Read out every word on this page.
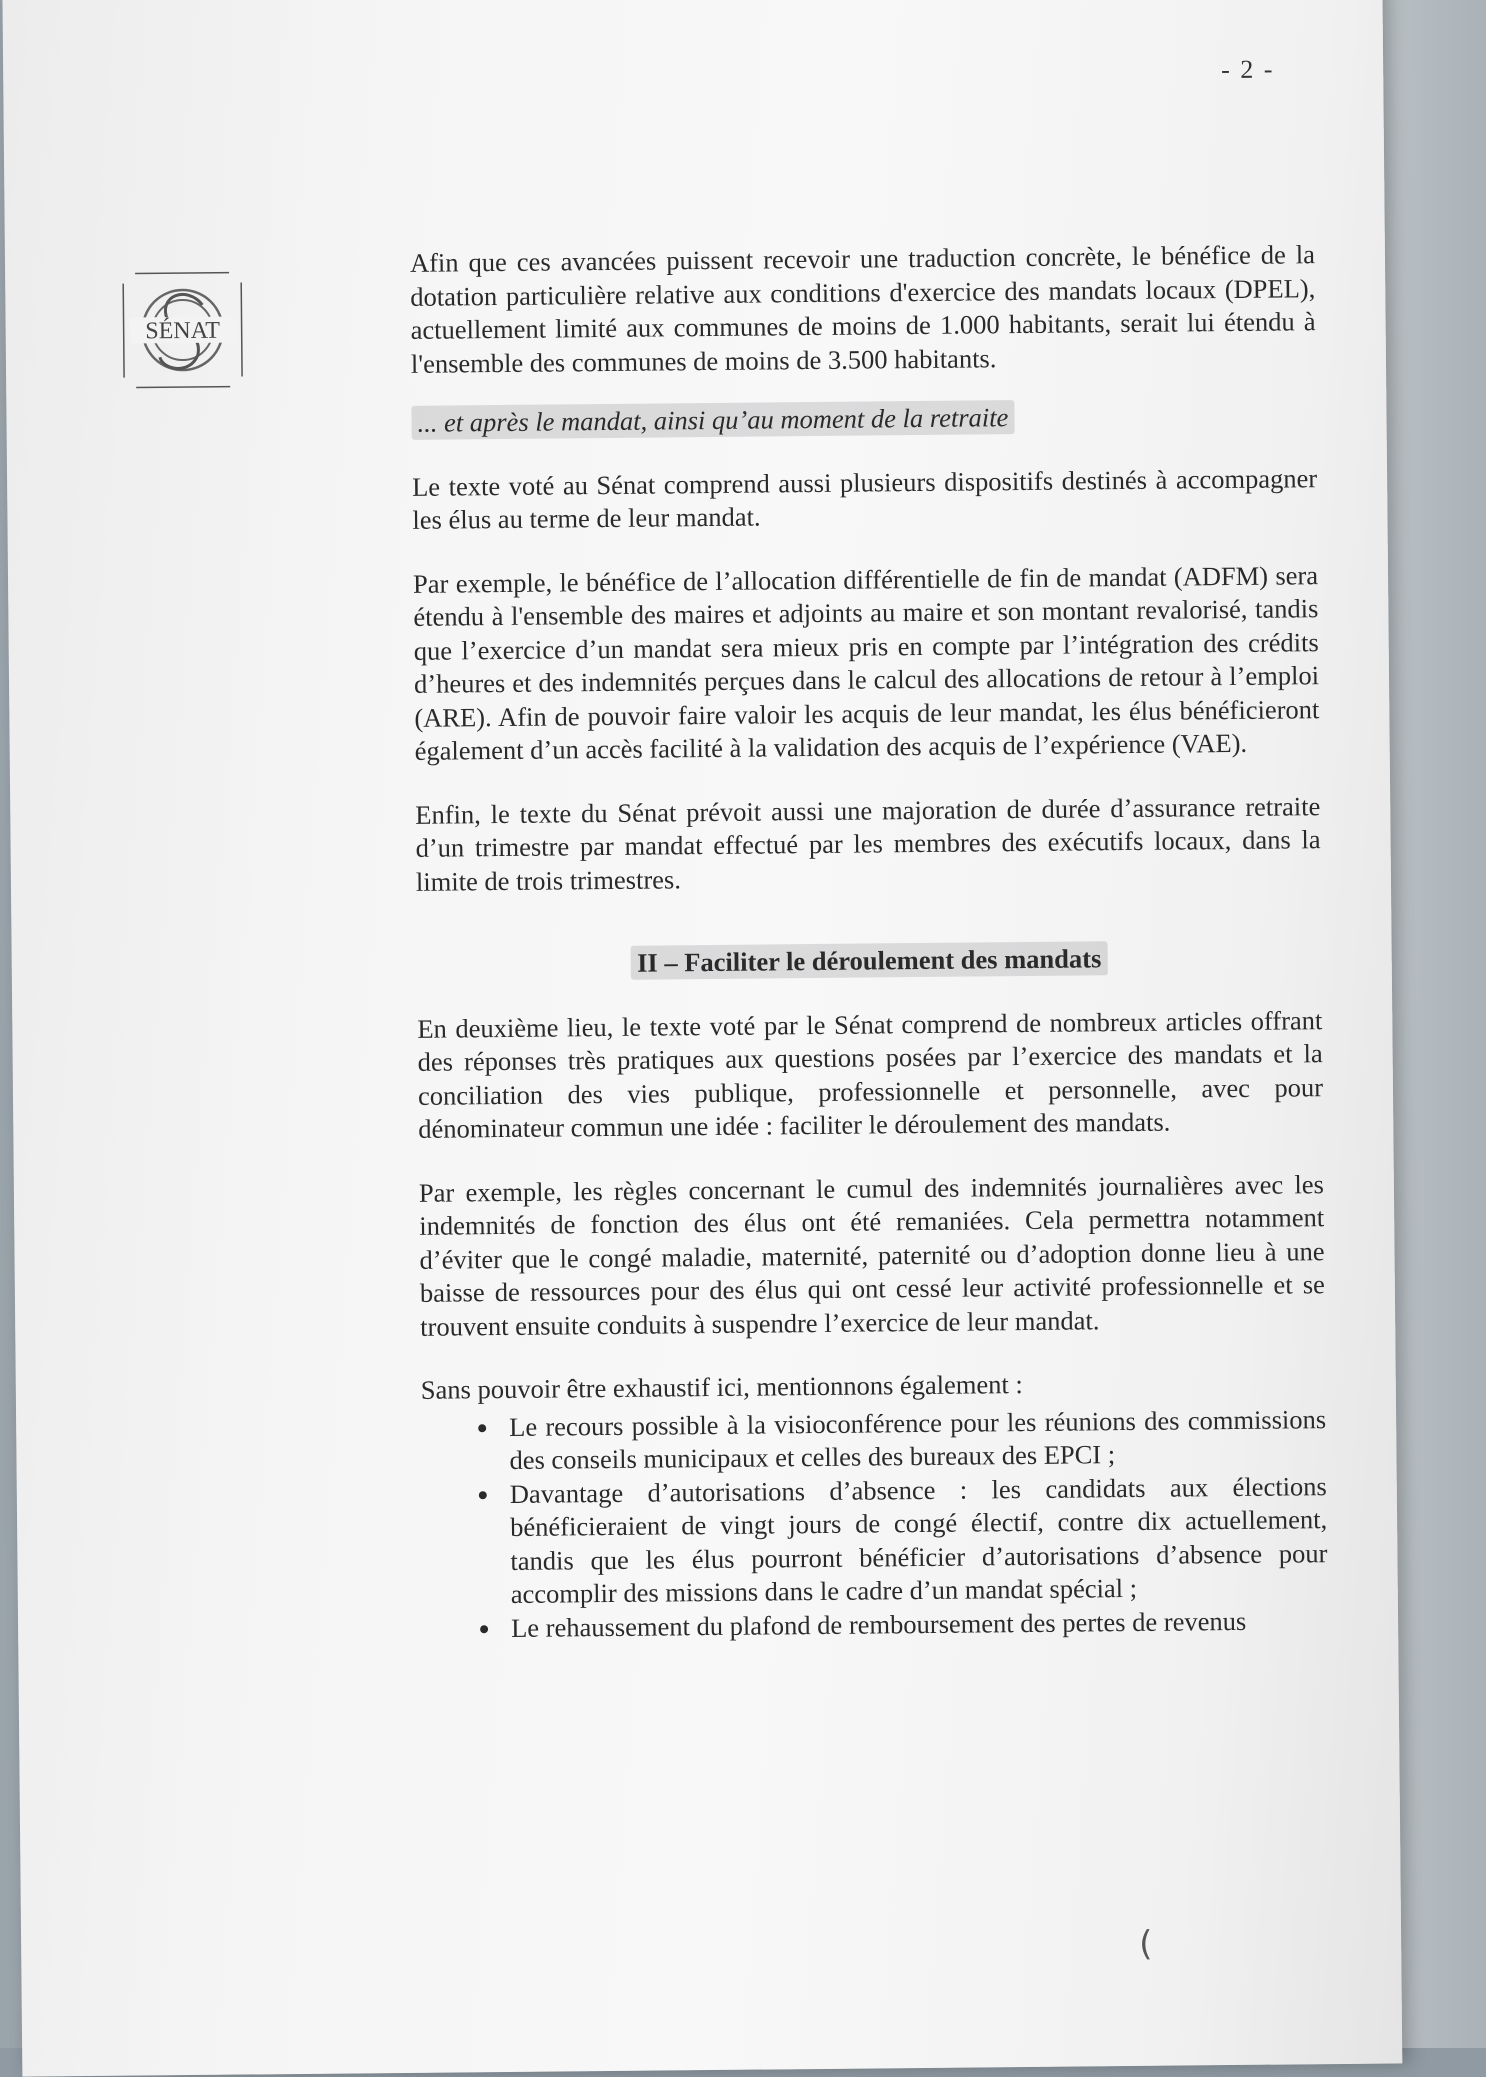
- 2 -
SÉNAT

Afin que ces avancées puissent recevoir une traduction concrète, le bénéfice de la dotation particulière relative aux conditions d'exercice des mandats locaux (DPEL), actuellement limité aux communes de moins de 1.000 habitants, serait lui étendu à l'ensemble des communes de moins de 3.500 habitants.

... et après le mandat, ainsi qu’au moment de la retraite

Le texte voté au Sénat comprend aussi plusieurs dispositifs destinés à accompagner les élus au terme de leur mandat.

Par exemple, le bénéfice de l’allocation différentielle de fin de mandat (ADFM) sera étendu à l'ensemble des maires et adjoints au maire et son montant revalorisé, tandis que l’exercice d’un mandat sera mieux pris en compte par l’intégration des crédits d’heures et des indemnités perçues dans le calcul des allocations de retour à l’emploi (ARE). Afin de pouvoir faire valoir les acquis de leur mandat, les élus bénéficieront également d’un accès facilité à la validation des acquis de l’expérience (VAE).

Enfin, le texte du Sénat prévoit aussi une majoration de durée d’assurance retraite d’un trimestre par mandat effectué par les membres des exécutifs locaux, dans la limite de trois trimestres.

II – Faciliter le déroulement des mandats

En deuxième lieu, le texte voté par le Sénat comprend de nombreux articles offrant des réponses très pratiques aux questions posées par l’exercice des mandats et la conciliation des vies publique, professionnelle et personnelle, avec pour dénominateur commun une idée : faciliter le déroulement des mandats.

Par exemple, les règles concernant le cumul des indemnités journalières avec les indemnités de fonction des élus ont été remaniées. Cela permettra notamment d’éviter que le congé maladie, maternité, paternité ou d’adoption donne lieu à une baisse de ressources pour des élus qui ont cessé leur activité professionnelle et se trouvent ensuite conduits à suspendre l’exercice de leur mandat.

Sans pouvoir être exhaustif ici, mentionnons également :

• Le recours possible à la visioconférence pour les réunions des commissions des conseils municipaux et celles des bureaux des EPCI ;
• Davantage d’autorisations d’absence : les candidats aux élections bénéficieraient de vingt jours de congé électif, contre dix actuellement, tandis que les élus pourront bénéficier d’autorisations d’absence pour accomplir des missions dans le cadre d’un mandat spécial ;
• Le rehaussement du plafond de remboursement des pertes de revenus
(
